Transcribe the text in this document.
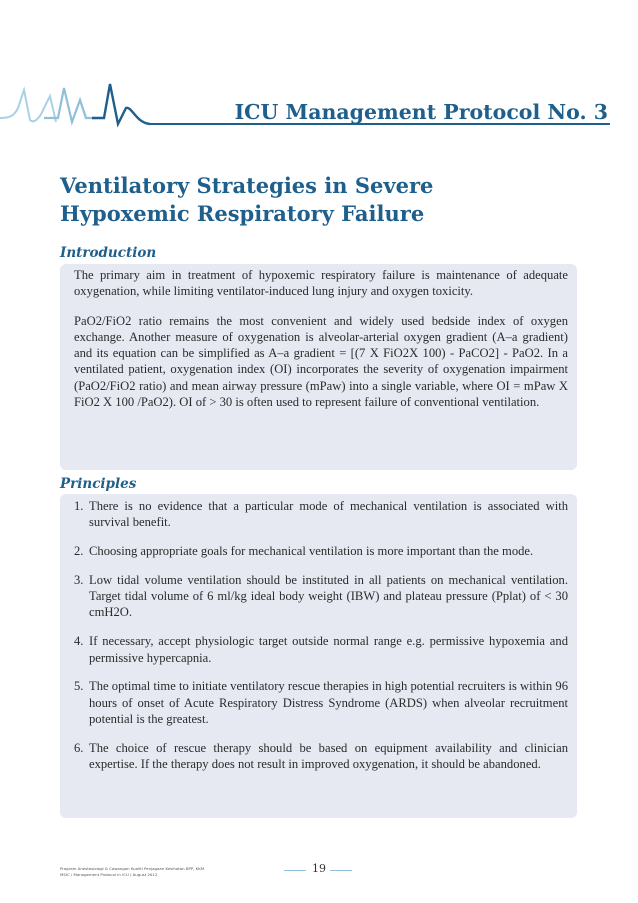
ICU Management Protocol No. 3
Ventilatory Strategies in Severe
Hypoxemic Respiratory Failure
Introduction

The primary aim in treatment of hypoxemic respiratory failure is maintenance of adequate oxygenation, while limiting ventilator-induced lung injury and oxygen toxicity.

PaO2/FiO2 ratio remains the most convenient and widely used bedside index of oxygen exchange. Another measure of oxygenation is alveolar-arterial oxygen gradient (A–a gradient) and its equation can be simplified as A–a gradient = [(7 X FiO2X 100) - PaCO2] - PaO2. In a ventilated patient, oxygenation index (OI) incorporates the severity of oxygenation impairment (PaO2/FiO2 ratio) and mean airway pressure (mPaw) into a single variable, where OI = mPaw X FiO2 X 100 /PaO2). OI of > 30 is often used to represent failure of conventional ventilation.

Principles
1. There is no evidence that a particular mode of mechanical ventilation is associated with survival benefit.
2. Choosing appropriate goals for mechanical ventilation is more important than the mode.
3. Low tidal volume ventilation should be instituted in all patients on mechanical ventilation. Target tidal volume of 6 ml/kg ideal body weight (IBW) and plateau pressure (Pplat) of < 30 cmH2O.
4. If necessary, accept physiologic target outside normal range e.g. permissive hypoxemia and permissive hypercapnia.
5. The optimal time to initiate ventilatory rescue therapies in high potential recruiters is within 96 hours of onset of Acute Respiratory Distress Syndrome (ARDS) when alveolar recruitment potential is the greatest.
6. The choice of rescue therapy should be based on equipment availability and clinician expertise. If the therapy does not result in improved oxygenation, it should be abandoned.
Program Anestesiologi & Cawangan Kualiti Penjagaan Kesihatan BPP, KKM
MSIC / Management Protocol In ICU / August 2012	19
